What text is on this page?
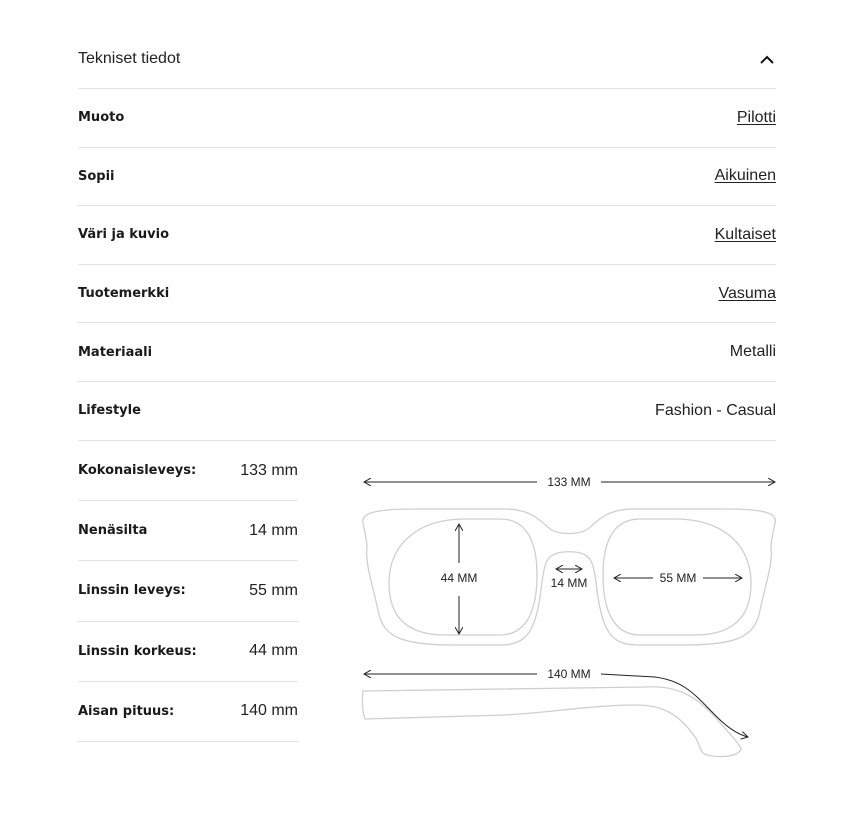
Tekniset tiedot
Muoto	Pilotti
Sopii	Aikuinen
Väri ja kuvio	Kultaiset
Tuotemerkki	Vasuma
Materiaali	Metalli
Lifestyle	Fashion - Casual
Kokonaisleveys:	133 mm
Nenäsilta	14 mm
Linssin leveys:	55 mm
Linssin korkeus:	44 mm
Aisan pituus:	140 mm
133 MM
44 MM	14 MM	55 MM
140 MM
